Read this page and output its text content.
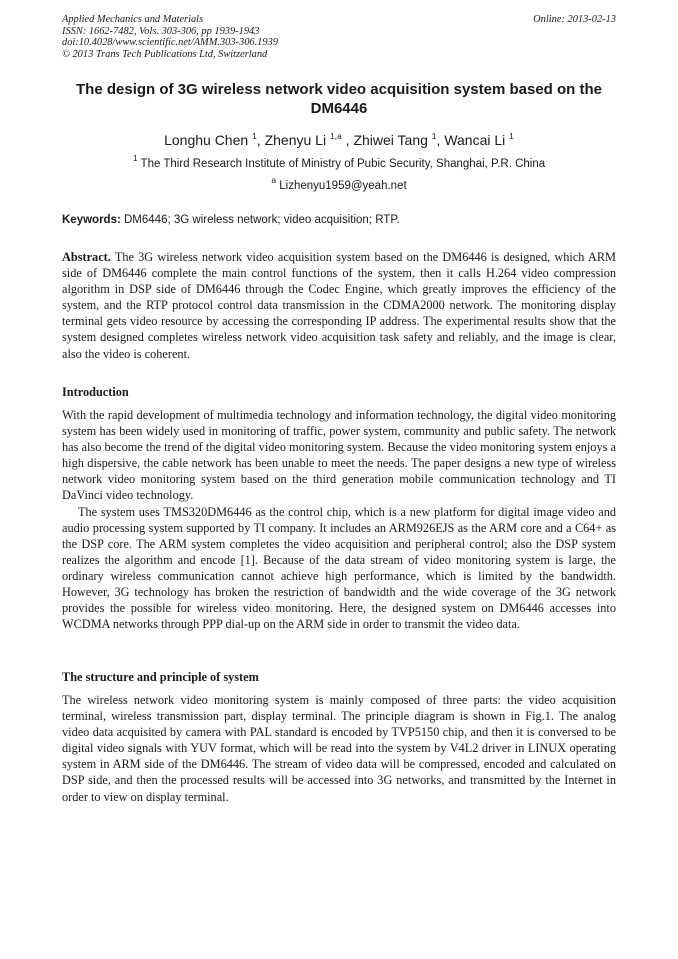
Applied Mechanics and Materials
ISSN: 1662-7482, Vols. 303-306, pp 1939-1943
doi:10.4028/www.scientific.net/AMM.303-306.1939
© 2013 Trans Tech Publications Ltd, Switzerland
Online: 2013-02-13
The design of 3G wireless network video acquisition system based on the DM6446
Longhu Chen $^1$, Zhenyu Li $^{1,a}$ , Zhiwei Tang $^1$, Wancai Li $^1$
$^1$ The Third Research Institute of Ministry of Pubic Security, Shanghai, P.R. China
$^a$ Lizhenyu1959@yeah.net
Keywords: DM6446; 3G wireless network; video acquisition; RTP.
Abstract. The 3G wireless network video acquisition system based on the DM6446 is designed, which ARM side of DM6446 complete the main control functions of the system, then it calls H.264 video compression algorithm in DSP side of DM6446 through the Codec Engine, which greatly improves the efficiency of the system, and the RTP protocol control data transmission in the CDMA2000 network. The monitoring display terminal gets video resource by accessing the corresponding IP address. The experimental results show that the system designed completes wireless network video acquisition task safety and reliably, and the image is clear, also the video is coherent.
Introduction
With the rapid development of multimedia technology and information technology, the digital video monitoring system has been widely used in monitoring of traffic, power system, community and public safety. The network has also become the trend of the digital video monitoring system. Because the video monitoring system enjoys a high dispersive, the cable network has been unable to meet the needs. The paper designs a new type of wireless network video monitoring system based on the third generation mobile communication technology and TI DaVinci video technology.
The system uses TMS320DM6446 as the control chip, which is a new platform for digital image video and audio processing system supported by TI company. It includes an ARM926EJS as the ARM core and a C64+ as the DSP core. The ARM system completes the video acquisition and peripheral control; also the DSP system realizes the algorithm and encode [1]. Because of the data stream of video monitoring system is large, the ordinary wireless communication cannot achieve high performance, which is limited by the bandwidth. However, 3G technology has broken the restriction of bandwidth and the wide coverage of the 3G network provides the possible for wireless video monitoring. Here, the designed system on DM6446 accesses into WCDMA networks through PPP dial-up on the ARM side in order to transmit the video data.
The structure and principle of system
The wireless network video monitoring system is mainly composed of three parts: the video acquisition terminal, wireless transmission part, display terminal. The principle diagram is shown in Fig.1. The analog video data acquisited by camera with PAL standard is encoded by TVP5150 chip, and then it is conversed to be digital video signals with YUV format, which will be read into the system by V4L2 driver in LINUX operating system in ARM side of the DM6446. The stream of video data will be compressed, encoded and calculated on DSP side, and then the processed results will be accessed into 3G networks, and transmitted by the Internet in order to view on display terminal.
